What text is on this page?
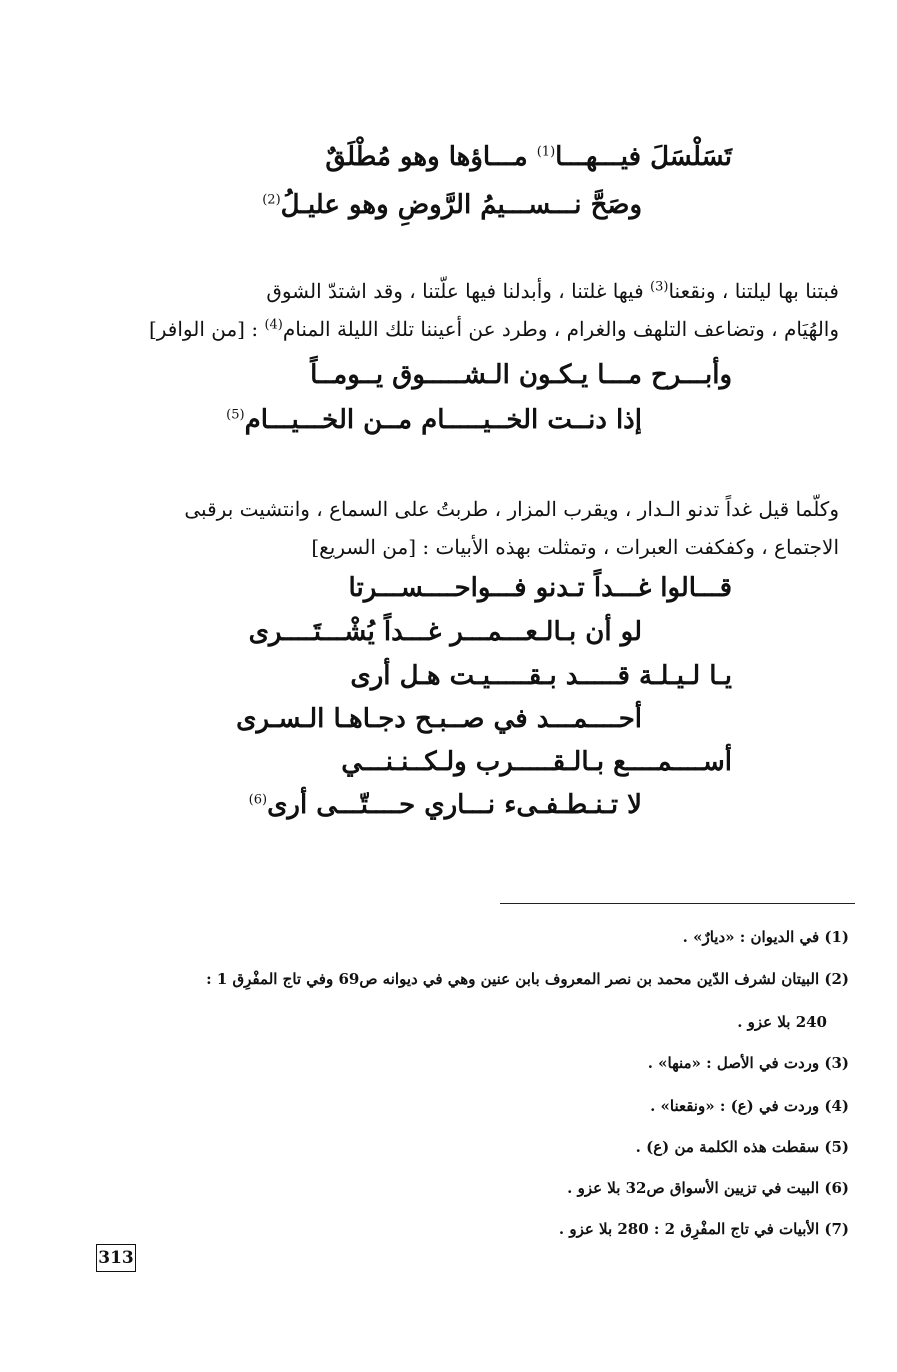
تَسَلْسَلَ فيـــهـــا$^{(1)}$ مـــاؤها وهو مُطْلَقٌ
وصَحَّ نـــســـيمُ الرَّوضِ وهو عليـلُ$^{(2)}$
فبتنا بها ليلتنا ، ونقعنا$^{(3)}$ فيها غلتنا ، وأبدلنا فيها علّتنا ، وقد اشتدّ الشوق
والهُيَام ، وتضاعف التلهف والغرام ، وطرد عن أعيننا تلك الليلة المنام$^{(4)}$ : [من الوافر]
وأبـــرح مـــا يـكـون الـشـــــوق يــومــاً
إذا دنــت الخــيـــــام مــن الخـــيـــام$^{(5)}$
وكلّما قيل غداً تدنو الـدار ، ويقرب المزار ، طربتُ على السماع ، وانتشيت برقبى
الاجتماع ، وكفكفت العبرات ، وتمثلت بهذه الأبيات : [من السريع]
قـــالوا غـــداً تـدنو فـــواحــــســـرتا
لو أن بـالـعـــمـــر غـــداً يُشْـــتَــــرى
يـا لـيـلـة قـــــد بـقـــــيـت هـل أرى
أحــــمـــد في صــبـح دجـاهـا الـسـرى
أســــمــــع بـالـقـــــرب ولـكــنـنـــي
لا تـنـطـفـىء نـــاري حــــتّـــى أرى$^{(6)}$
(1) في الديوان : «ديارٌ» .
(2) البيتان لشرف الدّين محمد بن نصر المعروف بابن عنين وهي في ديوانه ص69 وفي تاج المفْرِق 1 :
240 بلا عزو .
(3) وردت في الأصل : «منها» .
(4) وردت في (ع) : «ونقعنا» .
(5) سقطت هذه الكلمة من (ع) .
(6) البيت في تزيين الأسواق ص32 بلا عزو .
(7) الأبيات في تاج المفْرِق 2 : 280 بلا عزو .
313
